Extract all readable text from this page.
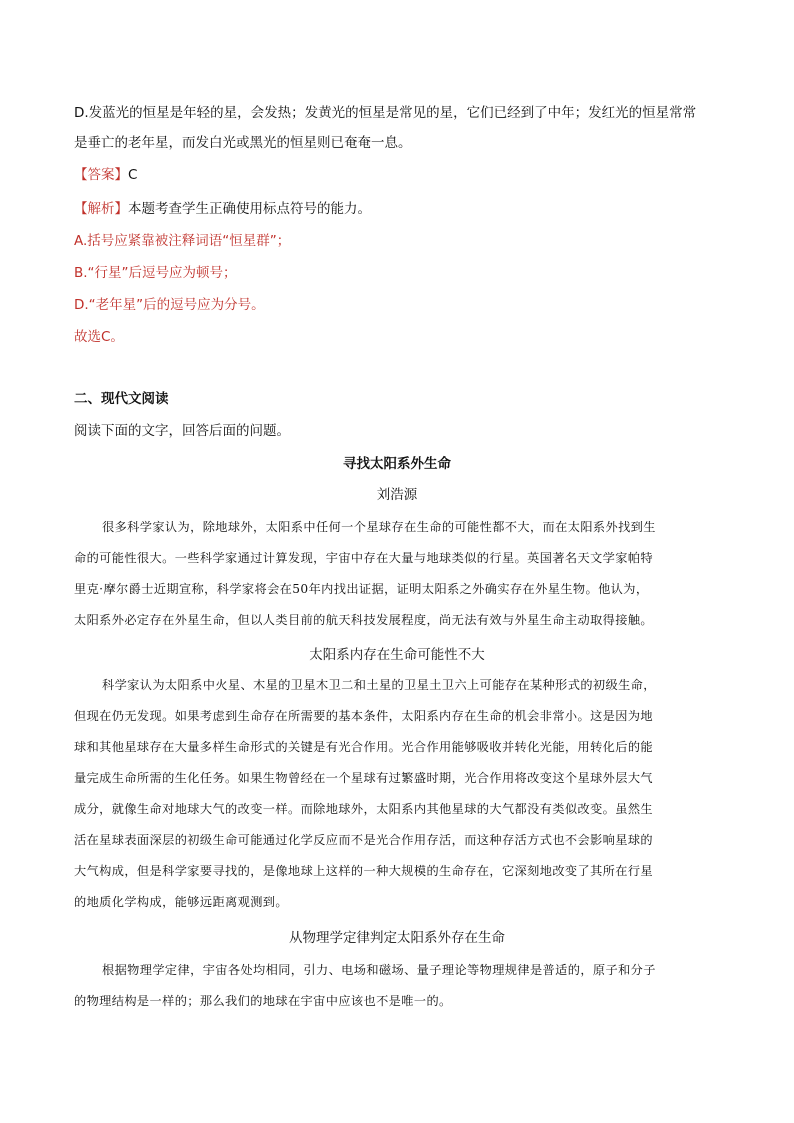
D.发蓝光的恒星是年轻的星，会发热；发黄光的恒星是常见的星，它们已经到了中年；发红光的恒星常常
是垂亡的老年星，而发白光或黑光的恒星则已奄奄一息。
【答案】C
【解析】本题考查学生正确使用标点符号的能力。
A.括号应紧靠被注释词语“恒星群”；
B.“行星”后逗号应为顿号；
D.“老年星”后的逗号应为分号。
故选C。
二、现代文阅读
阅读下面的文字，回答后面的问题。
寻找太阳系外生命
刘浩源
很多科学家认为，除地球外，太阳系中任何一个星球存在生命的可能性都不大，而在太阳系外找到生
命的可能性很大。一些科学家通过计算发现，宇宙中存在大量与地球类似的行星。英国著名天文学家帕特
里克·摩尔爵士近期宣称，科学家将会在50年内找出证据，证明太阳系之外确实存在外星生物。他认为，
太阳系外必定存在外星生命，但以人类目前的航天科技发展程度，尚无法有效与外星生命主动取得接触。
太阳系内存在生命可能性不大
科学家认为太阳系中火星、木星的卫星木卫二和土星的卫星土卫六上可能存在某种形式的初级生命，
但现在仍无发现。如果考虑到生命存在所需要的基本条件，太阳系内存在生命的机会非常小。这是因为地
球和其他星球存在大量多样生命形式的关键是有光合作用。光合作用能够吸收并转化光能，用转化后的能
量完成生命所需的生化任务。如果生物曾经在一个星球有过繁盛时期，光合作用将改变这个星球外层大气
成分，就像生命对地球大气的改变一样。而除地球外，太阳系内其他星球的大气都没有类似改变。虽然生
活在星球表面深层的初级生命可能通过化学反应而不是光合作用存活，而这种存活方式也不会影响星球的
大气构成，但是科学家要寻找的，是像地球上这样的一种大规模的生命存在，它深刻地改变了其所在行星
的地质化学构成，能够远距离观测到。
从物理学定律判定太阳系外存在生命
根据物理学定律，宇宙各处均相同，引力、电场和磁场、量子理论等物理规律是普适的，原子和分子
的物理结构是一样的；那么我们的地球在宇宙中应该也不是唯一的。
